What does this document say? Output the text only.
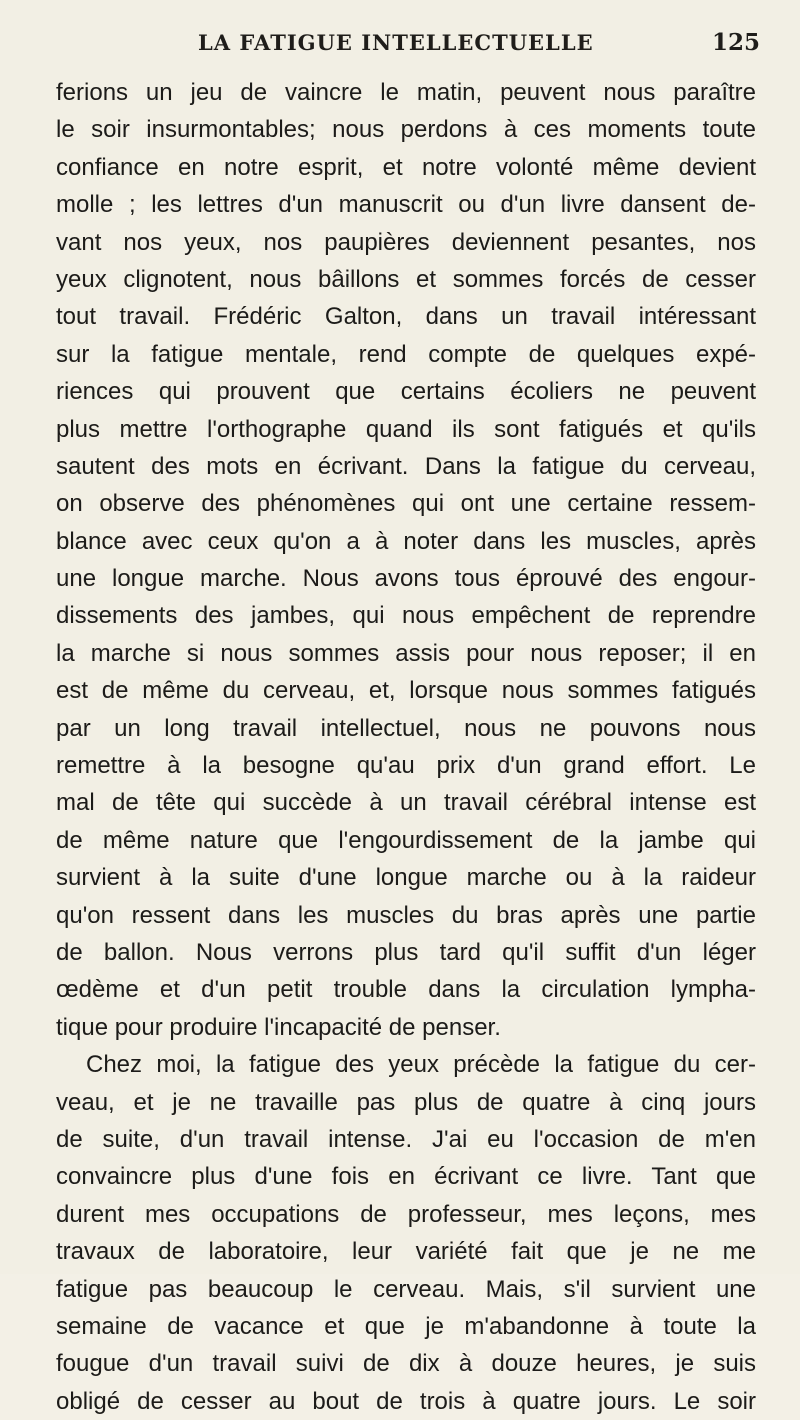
LA FATIGUE INTELLECTUELLE	125
ferions un jeu de vaincre le matin, peuvent nous paraître
le soir insurmontables; nous perdons à ces moments toute
confiance en notre esprit, et notre volonté même devient
molle ; les lettres d'un manuscrit ou d'un livre dansent de-
vant nos yeux, nos paupières deviennent pesantes, nos
yeux clignotent, nous bâillons et sommes forcés de cesser
tout travail. Frédéric Galton, dans un travail intéressant
sur la fatigue mentale, rend compte de quelques expé-
riences qui prouvent que certains écoliers ne peuvent
plus mettre l'orthographe quand ils sont fatigués et qu'ils
sautent des mots en écrivant. Dans la fatigue du cerveau,
on observe des phénomènes qui ont une certaine ressem-
blance avec ceux qu'on a à noter dans les muscles, après
une longue marche. Nous avons tous éprouvé des engour-
dissements des jambes, qui nous empêchent de reprendre
la marche si nous sommes assis pour nous reposer; il en
est de même du cerveau, et, lorsque nous sommes fatigués
par un long travail intellectuel, nous ne pouvons nous
remettre à la besogne qu'au prix d'un grand effort. Le
mal de tête qui succède à un travail cérébral intense est
de même nature que l'engourdissement de la jambe qui
survient à la suite d'une longue marche ou à la raideur
qu'on ressent dans les muscles du bras après une partie
de ballon. Nous verrons plus tard qu'il suffit d'un léger
œdème et d'un petit trouble dans la circulation lympha-
tique pour produire l'incapacité de penser.
Chez moi, la fatigue des yeux précède la fatigue du cer-
veau, et je ne travaille pas plus de quatre à cinq jours
de suite, d'un travail intense. J'ai eu l'occasion de m'en
convaincre plus d'une fois en écrivant ce livre. Tant que
durent mes occupations de professeur, mes leçons, mes
travaux de laboratoire, leur variété fait que je ne me
fatigue pas beaucoup le cerveau. Mais, s'il survient une
semaine de vacance et que je m'abandonne à toute la
fougue d'un travail suivi de dix à douze heures, je suis
obligé de cesser au bout de trois à quatre jours. Le soir
